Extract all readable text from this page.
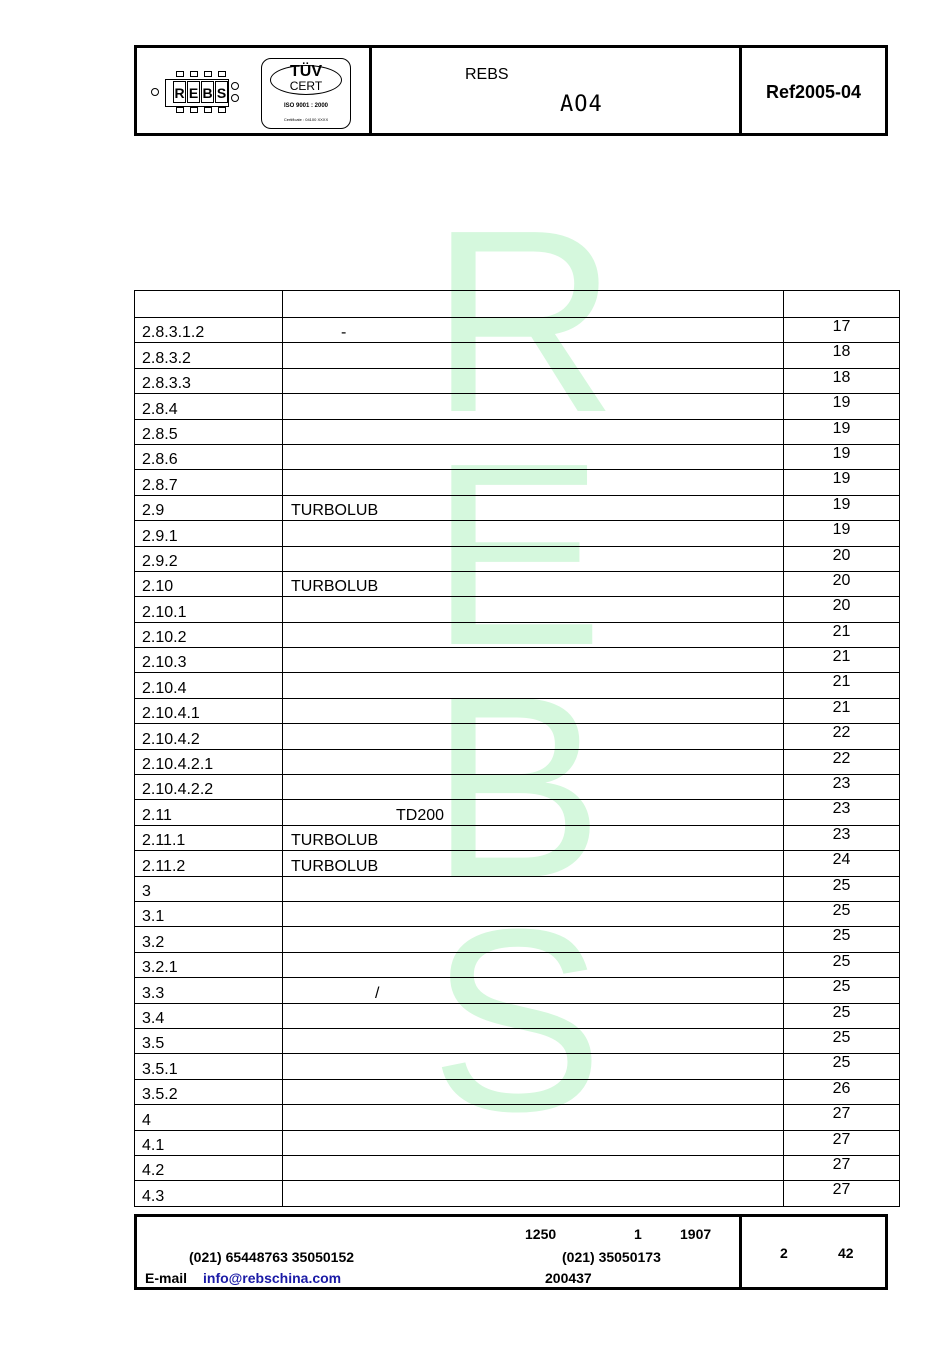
R E B S
TÜV
CERT
ISO 9001 : 2000
Certificate : 04100 XXXX
REBS
AO4	Ref2005-04
R
E
B
S

2.8.3.1.2	-	17
2.8.3.2		18
2.8.3.3		18
2.8.4		19
2.8.5		19
2.8.6		19
2.8.7		19
2.9	TURBOLUB	19
2.9.1		19
2.9.2		20
2.10	TURBOLUB	20
2.10.1		20
2.10.2		21
2.10.3		21
2.10.4		21
2.10.4.1		21
2.10.4.2		22
2.10.4.2.1		22
2.10.4.2.2		23
2.11	TD200	23
2.11.1	TURBOLUB	23
2.11.2	TURBOLUB	24
3		25
3.1		25
3.2		25
3.2.1		25
3.3	/	25
3.4		25
3.5		25
3.5.1		25
3.5.2		26
4		27
4.1		27
4.2		27
4.3		27
1250	1	1907
(021) 65448763 35050152	(021) 35050173
E-mail info@rebschina.com	200437
2	42
